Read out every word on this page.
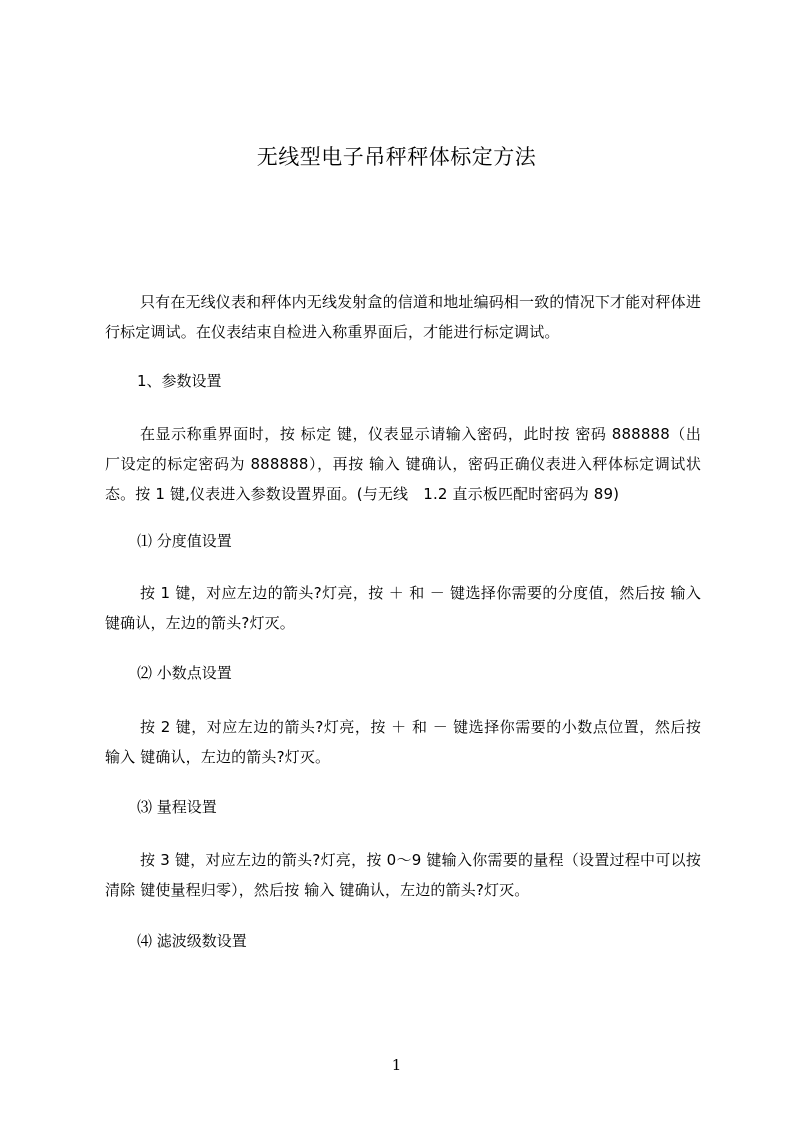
无线型电子吊秤秤体标定方法

只有在无线仪表和秤体内无线发射盒的信道和地址编码相一致的情况下才能对秤体进行标定调试。在仪表结束自检进入称重界面后，才能进行标定调试。

1、参数设置

在显示称重界面时，按 标定 键，仪表显示请输入密码，此时按 密码 888888（出厂设定的标定密码为 888888），再按 输入 键确认，密码正确仪表进入秤体标定调试状态。按 1 键,仪表进入参数设置界面。(与无线　1.2 直示板匹配时密码为 89)

⑴ 分度值设置

按 1 键，对应左边的箭头?灯亮，按 ＋ 和 － 键选择你需要的分度值，然后按 输入 键确认，左边的箭头?灯灭。

⑵ 小数点设置

按 2 键，对应左边的箭头?灯亮，按 ＋ 和 － 键选择你需要的小数点位置，然后按 输入 键确认，左边的箭头?灯灭。

⑶ 量程设置

按 3 键，对应左边的箭头?灯亮，按 0～9 键输入你需要的量程（设置过程中可以按 清除 键使量程归零），然后按 输入 键确认，左边的箭头?灯灭。

⑷ 滤波级数设置
1
